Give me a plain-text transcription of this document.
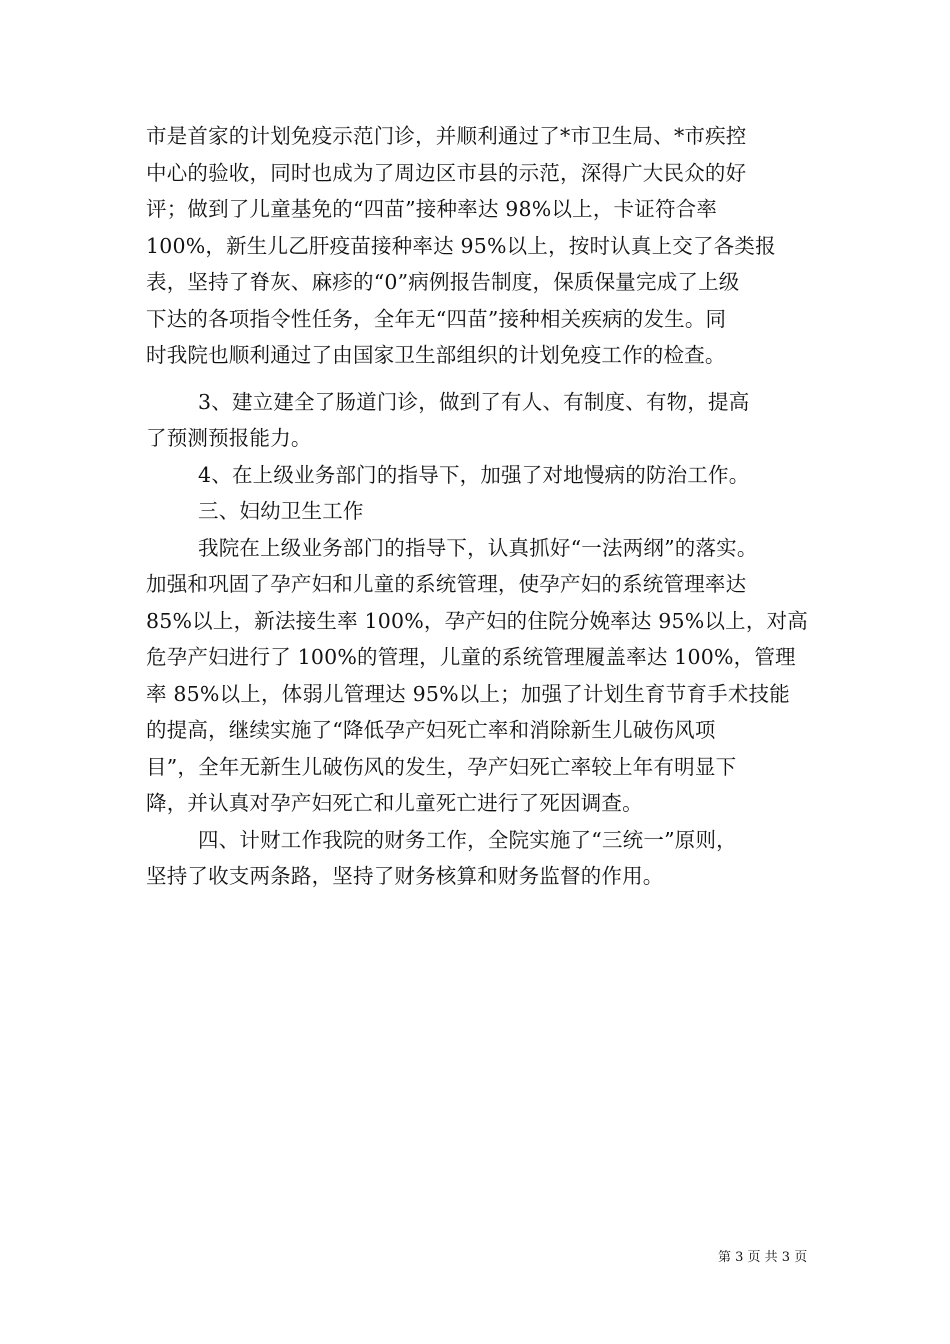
市是首家的计划免疫示范门诊，并顺利通过了*市卫生局、*市疾控
中心的验收，同时也成为了周边区市县的示范，深得广大民众的好
评；做到了儿童基免的“四苗”接种率达 98%以上，卡证符合率
100%，新生儿乙肝疫苗接种率达 95%以上，按时认真上交了各类报
表，坚持了脊灰、麻疹的“0”病例报告制度，保质保量完成了上级
下达的各项指令性任务，全年无“四苗”接种相关疾病的发生。同
时我院也顺利通过了由国家卫生部组织的计划免疫工作的检查。
3、建立建全了肠道门诊，做到了有人、有制度、有物，提高
了预测预报能力。
4、在上级业务部门的指导下，加强了对地慢病的防治工作。
三、妇幼卫生工作
我院在上级业务部门的指导下，认真抓好“一法两纲”的落实。
加强和巩固了孕产妇和儿童的系统管理，使孕产妇的系统管理率达
85%以上，新法接生率 100%，孕产妇的住院分娩率达 95%以上，对高
危孕产妇进行了 100%的管理，儿童的系统管理履盖率达 100%，管理
率 85%以上，体弱儿管理达 95%以上；加强了计划生育节育手术技能
的提高，继续实施了“降低孕产妇死亡率和消除新生儿破伤风项
目”，全年无新生儿破伤风的发生，孕产妇死亡率较上年有明显下
降，并认真对孕产妇死亡和儿童死亡进行了死因调查。
四、计财工作我院的财务工作，全院实施了“三统一”原则，
坚持了收支两条路，坚持了财务核算和财务监督的作用。
第 3 页 共 3 页
